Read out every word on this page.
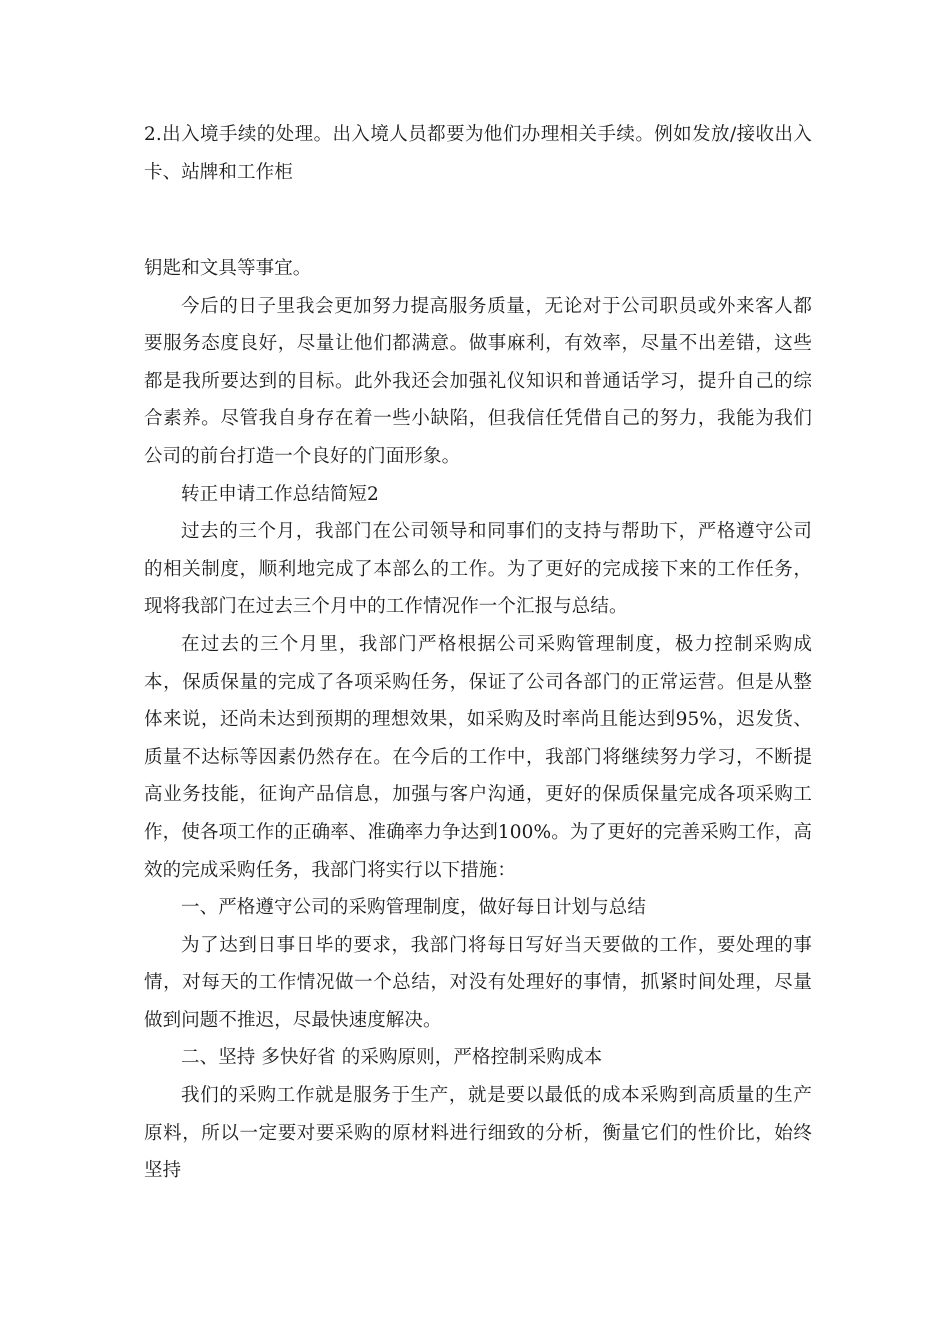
2.出入境手续的处理。出入境人员都要为他们办理相关手续。例如发放/接收出入卡、站牌和工作柜

钥匙和文具等事宜。

今后的日子里我会更加努力提高服务质量，无论对于公司职员或外来客人都要服务态度良好，尽量让他们都满意。做事麻利，有效率，尽量不出差错，这些都是我所要达到的目标。此外我还会加强礼仪知识和普通话学习，提升自己的综合素养。尽管我自身存在着一些小缺陷，但我信任凭借自己的努力，我能为我们公司的前台打造一个良好的门面形象。

转正申请工作总结简短2

过去的三个月，我部门在公司领导和同事们的支持与帮助下，严格遵守公司的相关制度，顺利地完成了本部么的工作。为了更好的完成接下来的工作任务，现将我部门在过去三个月中的工作情况作一个汇报与总结。

在过去的三个月里，我部门严格根据公司采购管理制度，极力控制采购成本，保质保量的完成了各项采购任务，保证了公司各部门的正常运营。但是从整体来说，还尚未达到预期的理想效果，如采购及时率尚且能达到95%，迟发货、质量不达标等因素仍然存在。在今后的工作中，我部门将继续努力学习，不断提高业务技能，征询产品信息，加强与客户沟通，更好的保质保量完成各项采购工作，使各项工作的正确率、准确率力争达到100%。为了更好的完善采购工作，高效的完成采购任务，我部门将实行以下措施：

一、严格遵守公司的采购管理制度，做好每日计划与总结

为了达到日事日毕的要求，我部门将每日写好当天要做的工作，要处理的事情，对每天的工作情况做一个总结，对没有处理好的事情，抓紧时间处理，尽量做到问题不推迟，尽最快速度解决。

二、坚持 多快好省 的采购原则，严格控制采购成本

我们的采购工作就是服务于生产，就是要以最低的成本采购到高质量的生产原料，所以一定要对要采购的原材料进行细致的分析，衡量它们的性价比，始终坚持
